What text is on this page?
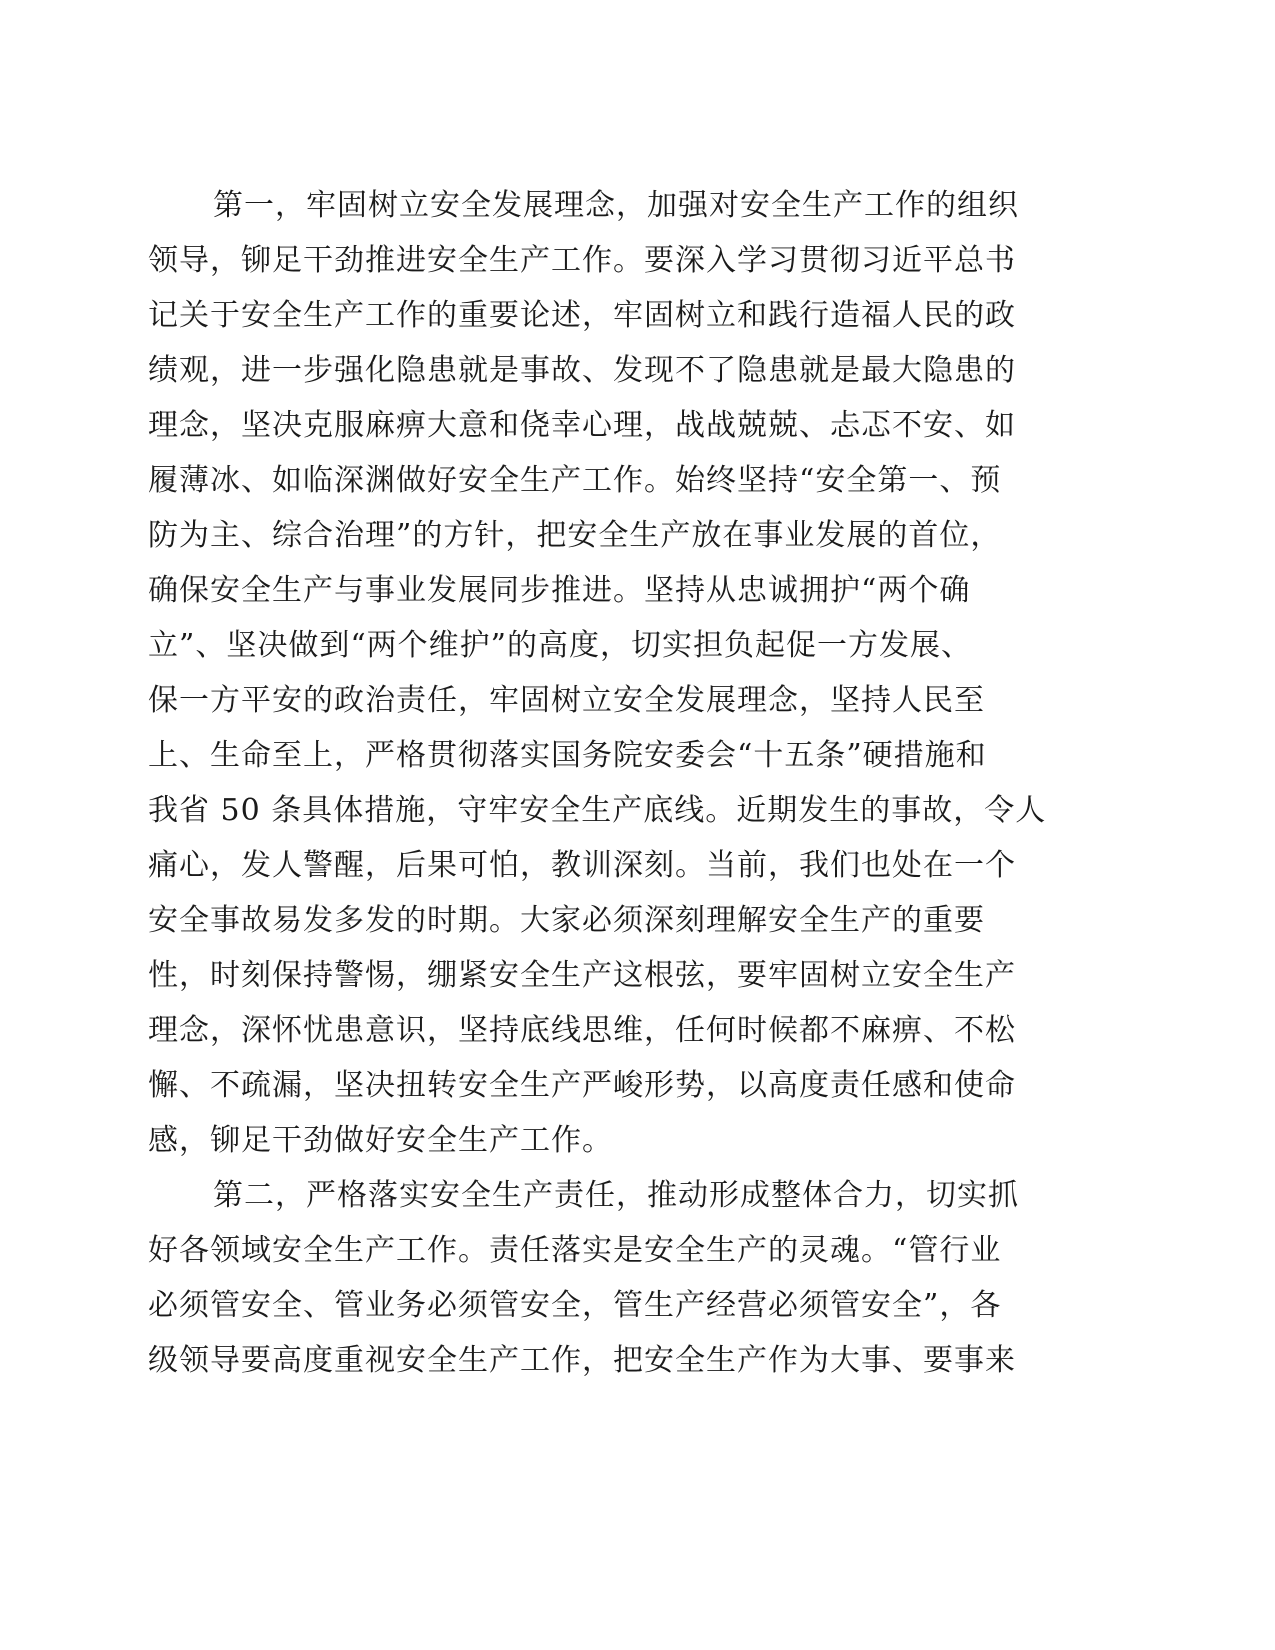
第一，牢固树立安全发展理念，加强对安全生产工作的组织

领导，铆足干劲推进安全生产工作。要深入学习贯彻习近平总书

记关于安全生产工作的重要论述，牢固树立和践行造福人民的政

绩观，进一步强化隐患就是事故、发现不了隐患就是最大隐患的

理念，坚决克服麻痹大意和侥幸心理，战战兢兢、忐忑不安、如

履薄冰、如临深渊做好安全生产工作。始终坚持“安全第一、预

防为主、综合治理”的方针，把安全生产放在事业发展的首位，

确保安全生产与事业发展同步推进。坚持从忠诚拥护“两个确

立”、坚决做到“两个维护”的高度，切实担负起促一方发展、

保一方平安的政治责任，牢固树立安全发展理念，坚持人民至

上、生命至上，严格贯彻落实国务院安委会“十五条”硬措施和

我省 50 条具体措施，守牢安全生产底线。近期发生的事故，令人

痛心，发人警醒，后果可怕，教训深刻。当前，我们也处在一个

安全事故易发多发的时期。大家必须深刻理解安全生产的重要

性，时刻保持警惕，绷紧安全生产这根弦，要牢固树立安全生产

理念，深怀忧患意识，坚持底线思维，任何时候都不麻痹、不松

懈、不疏漏，坚决扭转安全生产严峻形势，以高度责任感和使命

感，铆足干劲做好安全生产工作。

第二，严格落实安全生产责任，推动形成整体合力，切实抓

好各领域安全生产工作。责任落实是安全生产的灵魂。“管行业

必须管安全、管业务必须管安全，管生产经营必须管安全”，各

级领导要高度重视安全生产工作，把安全生产作为大事、要事来
